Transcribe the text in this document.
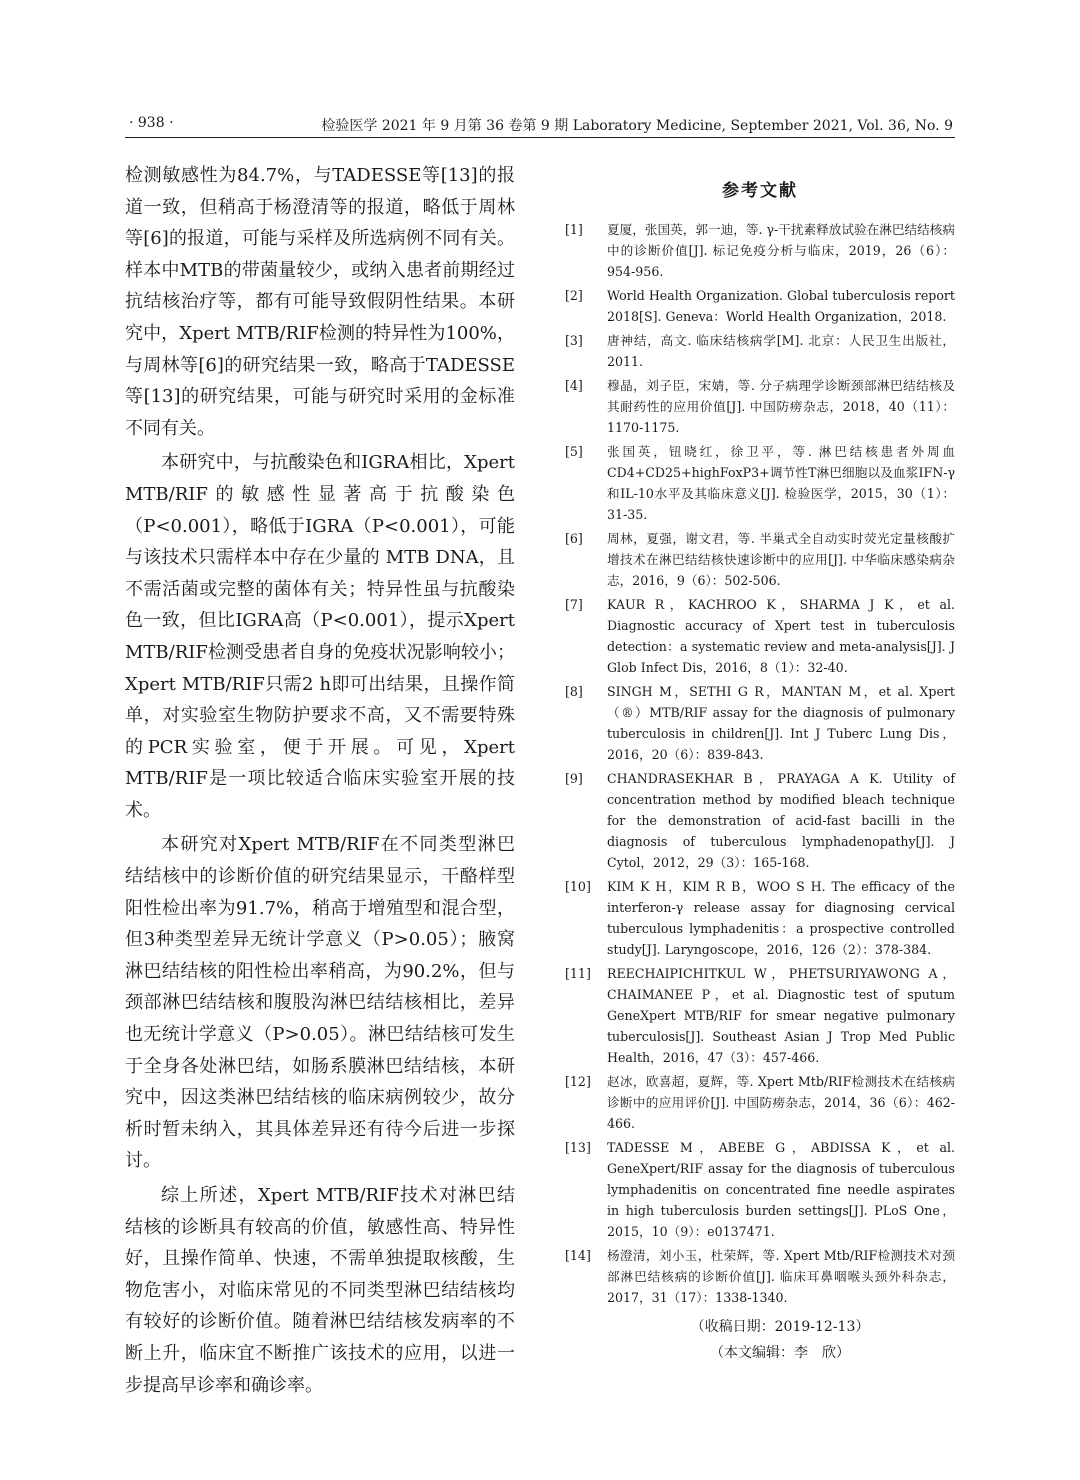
· 938 ·	检验医学 2021 年 9 月第 36 卷第 9 期 Laboratory Medicine, September 2021, Vol. 36, No. 9

检测敏感性为84.7%，与TADESSE等[13]的报道一致，但稍高于杨澄清等的报道，略低于周林等[6]的报道，可能与采样及所选病例不同有关。样本中MTB的带菌量较少，或纳入患者前期经过抗结核治疗等，都有可能导致假阴性结果。本研究中，Xpert MTB/RIF检测的特异性为100%，与周林等[6]的研究结果一致，略高于TADESSE等[13]的研究结果，可能与研究时采用的金标准不同有关。

本研究中，与抗酸染色和IGRA相比，Xpert MTB/RIF的敏感性显著高于抗酸染色（P<0.001），略低于IGRA（P<0.001），可能与该技术只需样本中存在少量的 MTB DNA，且不需活菌或完整的菌体有关；特异性虽与抗酸染色一致，但比IGRA高（P<0.001），提示Xpert MTB/RIF检测受患者自身的免疫状况影响较小；Xpert MTB/RIF只需2 h即可出结果，且操作简单，对实验室生物防护要求不高，又不需要特殊的PCR实验室，便于开展。可见，Xpert MTB/RIF是一项比较适合临床实验室开展的技术。

本研究对Xpert MTB/RIF在不同类型淋巴结结核中的诊断价值的研究结果显示，干酪样型阳性检出率为91.7%，稍高于增殖型和混合型，但3种类型差异无统计学意义（P>0.05）；腋窝淋巴结结核的阳性检出率稍高，为90.2%，但与颈部淋巴结结核和腹股沟淋巴结结核相比，差异也无统计学意义（P>0.05）。淋巴结结核可发生于全身各处淋巴结，如肠系膜淋巴结结核，本研究中，因这类淋巴结结核的临床病例较少，故分析时暂未纳入，其具体差异还有待今后进一步探讨。

综上所述，Xpert MTB/RIF技术对淋巴结结核的诊断具有较高的价值，敏感性高、特异性好，且操作简单、快速，不需单独提取核酸，生物危害小，对临床常见的不同类型淋巴结结核均有较好的诊断价值。随着淋巴结结核发病率的不断上升，临床宜不断推广该技术的应用，以进一步提高早诊率和确诊率。

参考文献
[1]	夏厦，张国英，郭一迪，等. γ-干扰素释放试验在淋巴结结核病中的诊断价值[J]. 标记免疫分析与临床，2019，26（6）：954-956.
[2]	World Health Organization. Global tuberculosis report 2018[S]. Geneva：World Health Organization，2018.
[3]	唐神结，高文. 临床结核病学[M]. 北京：人民卫生出版社，2011.
[4]	穆晶，刘子臣，宋婧，等. 分子病理学诊断颈部淋巴结结核及其耐药性的应用价值[J]. 中国防痨杂志，2018，40（11）：1170-1175.
[5]	张国英，钮晓红，徐卫平，等. 淋巴结核患者外周血CD4+CD25+highFoxP3+调节性T淋巴细胞以及血浆IFN-γ和IL-10水平及其临床意义[J]. 检验医学，2015，30（1）：31-35.
[6]	周林，夏强，谢文君，等. 半巢式全自动实时荧光定量核酸扩增技术在淋巴结结核快速诊断中的应用[J]. 中华临床感染病杂志，2016，9（6）：502-506.
[7]	KAUR R，KACHROO K，SHARMA J K，et al. Diagnostic accuracy of Xpert test in tuberculosis detection：a systematic review and meta-analysis[J]. J Glob Infect Dis，2016，8（1）：32-40.
[8]	SINGH M，SETHI G R，MANTAN M，et al. Xpert（®）MTB/RIF assay for the diagnosis of pulmonary tuberculosis in children[J]. Int J Tuberc Lung Dis，2016，20（6）：839-843.
[9]	CHANDRASEKHAR B，PRAYAGA A K. Utility of concentration method by modified bleach technique for the demonstration of acid-fast bacilli in the diagnosis of tuberculous lymphadenopathy[J]. J Cytol，2012，29（3）：165-168.
[10]	KIM K H，KIM R B，WOO S H. The efficacy of the interferon-γ release assay for diagnosing cervical tuberculous lymphadenitis：a prospective controlled study[J]. Laryngoscope，2016，126（2）：378-384.
[11]	REECHAIPICHITKUL W，PHETSURIYAWONG A，CHAIMANEE P，et al. Diagnostic test of sputum GeneXpert MTB/RIF for smear negative pulmonary tuberculosis[J]. Southeast Asian J Trop Med Public Health，2016，47（3）：457-466.
[12]	赵冰，欧喜超，夏辉，等. Xpert Mtb/RIF检测技术在结核病诊断中的应用评价[J]. 中国防痨杂志，2014，36（6）：462-466.
[13]	TADESSE M，ABEBE G，ABDISSA K，et al. GeneXpert/RIF assay for the diagnosis of tuberculous lymphadenitis on concentrated fine needle aspirates in high tuberculosis burden settings[J]. PLoS One，2015，10（9）：e0137471.
[14]	杨澄清，刘小玉，杜荣辉，等. Xpert Mtb/RIF检测技术对颈部淋巴结核病的诊断价值[J]. 临床耳鼻咽喉头颈外科杂志，2017，31（17）：1338-1340.
（收稿日期：2019-12-13）
（本文编辑：李　欣）
